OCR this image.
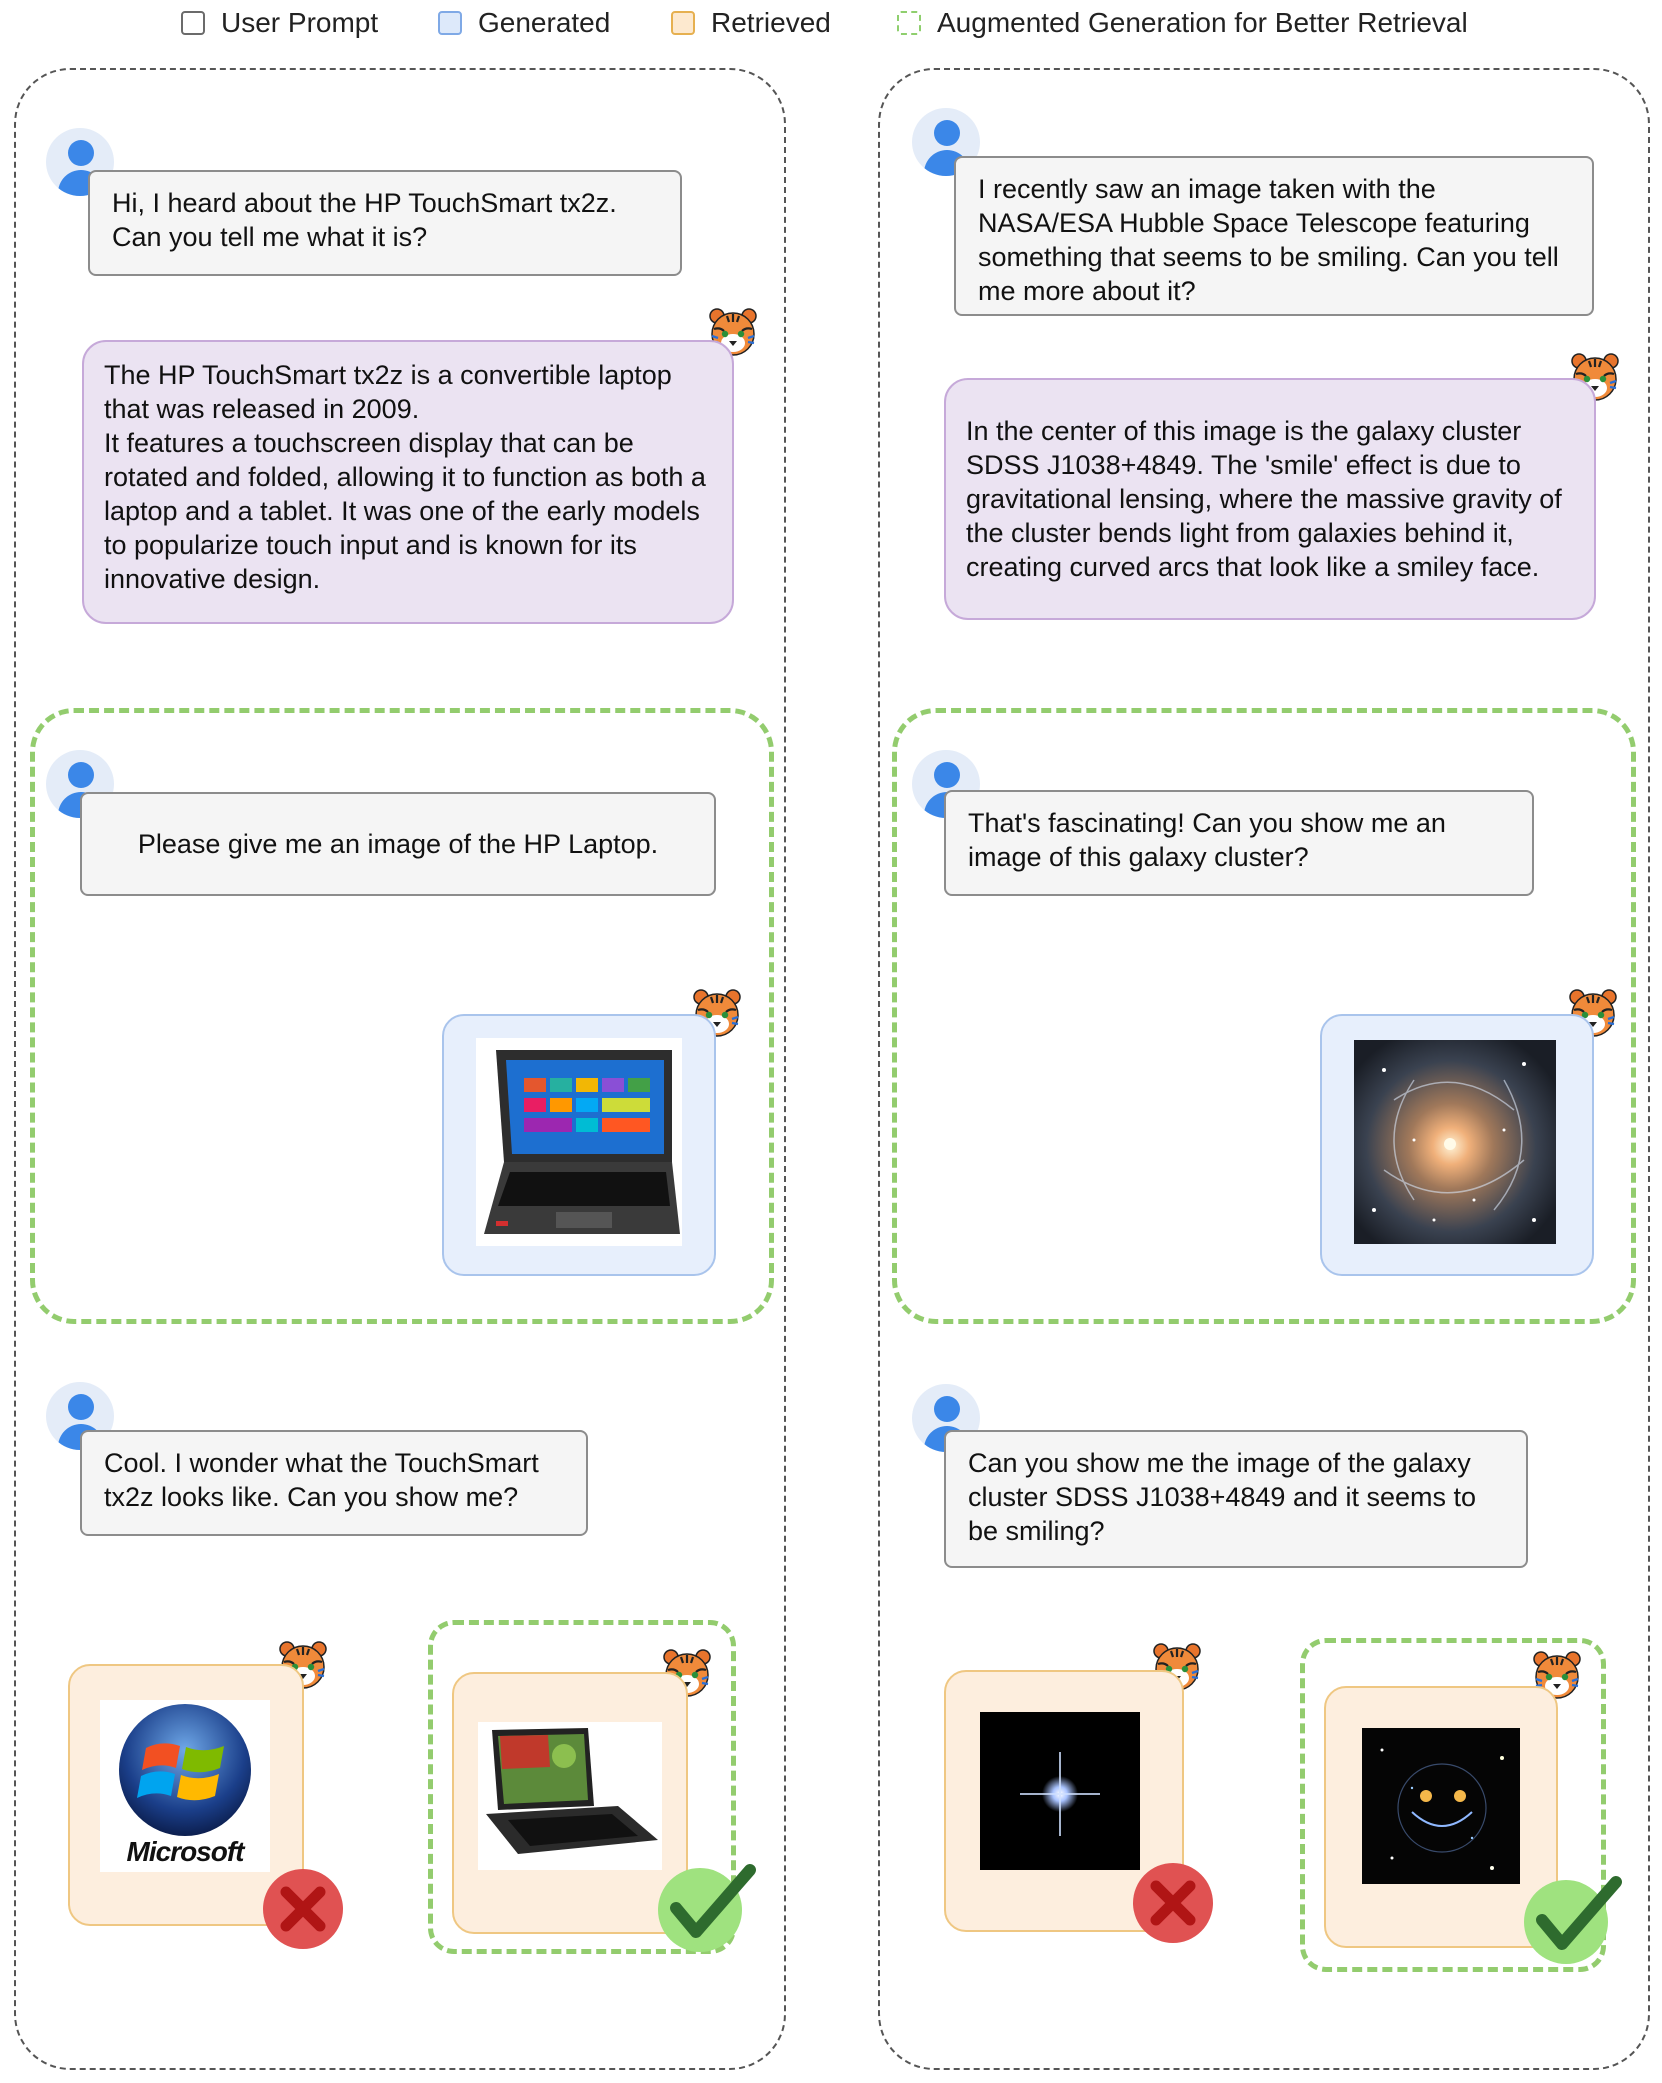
User Prompt	Generated	Retrieved	Augmented Generation for Better Retrieval
Hi, I heard about the HP TouchSmart tx2z. Can you tell me what it is?
The HP TouchSmart tx2z is a convertible laptop that was released in 2009.
It features a touchscreen display that can be rotated and folded, allowing it to function as both a laptop and a tablet. It was one of the early models to popularize touch input and is known for its innovative design.
Please give me an image of the HP Laptop.
Cool. I wonder what the TouchSmart tx2z looks like. Can you show me?
Microsoft
I recently saw an image taken with the NASA/ESA Hubble Space Telescope featuring something that seems to be smiling. Can you tell me more about it?
In the center of this image is the galaxy cluster SDSS J1038+4849. The 'smile' effect is due to gravitational lensing, where the massive gravity of the cluster bends light from galaxies behind it, creating curved arcs that look like a smiley face.
That's fascinating! Can you show me an image of this galaxy cluster?
Can you show me the image of the galaxy cluster SDSS J1038+4849 and it seems to be smiling?
